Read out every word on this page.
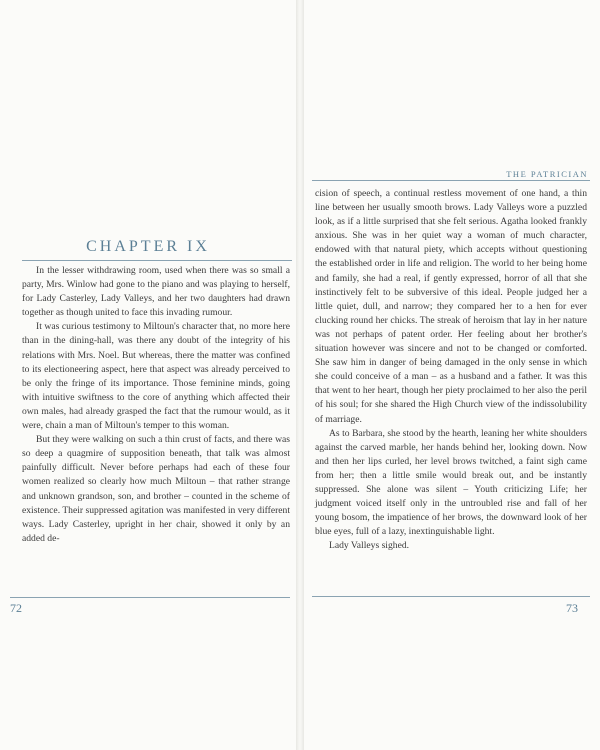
CHAPTER IX

In the lesser withdrawing room, used when there was so small a party, Mrs. Winlow had gone to the piano and was playing to herself, for Lady Casterley, Lady Valleys, and her two daughters had drawn together as though united to face this invading rumour.

It was curious testimony to Miltoun's character that, no more here than in the dining-hall, was there any doubt of the integrity of his relations with Mrs. Noel. But whereas, there the matter was confined to its electioneering aspect, here that aspect was already perceived to be only the fringe of its importance. Those feminine minds, going with intuitive swiftness to the core of anything which affected their own males, had already grasped the fact that the rumour would, as it were, chain a man of Miltoun's temper to this woman.

But they were walking on such a thin crust of facts, and there was so deep a quagmire of supposition beneath, that talk was almost painfully difficult. Never before perhaps had each of these four women realized so clearly how much Miltoun – that rather strange and unknown grandson, son, and brother – counted in the scheme of existence. Their suppressed agitation was manifested in very different ways. Lady Casterley, upright in her chair, showed it only by an added de-

72
THE PATRICIAN

cision of speech, a continual restless movement of one hand, a thin line between her usually smooth brows. Lady Valleys wore a puzzled look, as if a little surprised that she felt serious. Agatha looked frankly anxious. She was in her quiet way a woman of much character, endowed with that natural piety, which accepts without questioning the established order in life and religion. The world to her being home and family, she had a real, if gently expressed, horror of all that she instinctively felt to be subversive of this ideal. People judged her a little quiet, dull, and narrow; they compared her to a hen for ever clucking round her chicks. The streak of heroism that lay in her nature was not perhaps of patent order. Her feeling about her brother's situation however was sincere and not to be changed or comforted. She saw him in danger of being damaged in the only sense in which she could conceive of a man – as a husband and a father. It was this that went to her heart, though her piety proclaimed to her also the peril of his soul; for she shared the High Church view of the indissolubility of marriage.

As to Barbara, she stood by the hearth, leaning her white shoulders against the carved marble, her hands behind her, looking down. Now and then her lips curled, her level brows twitched, a faint sigh came from her; then a little smile would break out, and be instantly suppressed. She alone was silent – Youth criticizing Life; her judgment voiced itself only in the untroubled rise and fall of her young bosom, the impatience of her brows, the downward look of her blue eyes, full of a lazy, inextinguishable light.

Lady Valleys sighed.

73
